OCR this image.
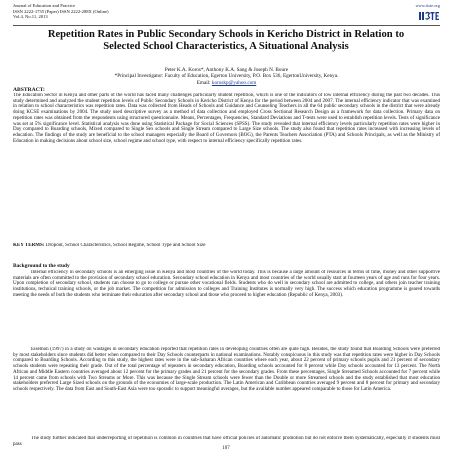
Journal of Education and Practice
ISSN 2222-1735 (Paper) ISSN 2222-288X (Online)
Vol.4, No.11, 2013
www.iiste.org
Repetition Rates in Public Secondary Schools in Kericho District in Relation to Selected School Characteristics, A Situational Analysis
Peter K.A. Koros*, Anthony K.A. Sang & Joseph N. Boure
*Principal Investigator: Faculty of Education, Egerton University, P.O. Box 536, EgertonUniversity, Kenya.
Email: koroskp@yahoo.com
ABSTRACT:
The Education Sector in Kenya and other parts of the world has faced many challenges particularly student repetition, which is one of the indicators of low internal efficiency during the past two decades. This study determined and analyzed the student repetition levels of Public Secondary Schools in Kericho District of Kenya for the period between 2004 and 2007. The internal efficiency indicator that was examined in relation to school characteristics was repetition rates. Data was collected from Heads of Schools and Guidance and Counseling Teachers in all the 64 public secondary schools in the district that were already doing KCSE examinations by 2004. The study used descriptive survey as a method of data collection and employed Cross Sectional Research Design as a framework for data collection. Primary data on repetition rates was obtained from the respondents using structured questionnaire. Means, Percentages, Frequencies, Standard Deviations and T-tests were used to establish repetition levels. Tests of significance was set at 5% significance level. Statistical analysis was done using Statistical Package for Social Sciences (SPSS). The study revealed that internal efficiency levels particularly repetition rates were higher in Day compared to Boarding schools, Mixed compared to Single Sex schools and Single Stream compared to Large Size schools. The study also found that repetition rates increased with increasing levels of education. The findings of the study are beneficial to the school managers especially the Board of Governors (BOG), the Parents Teachers Association (PTA) and Schools Principals, as well as the Ministry of Education in making decisions about school size, school regime and school type, with respect to internal efficiency specifically repetition rates.
KEY TERMS: Dropout, School Characteristics, School Regime, School Type and School Size
Background to the study
Internal efficiency in secondary schools is an emerging issue in Kenya and most countries of the world today. This is because a large amount of resources in terms of time, money and other supportive materials are often committed to the provision of secondary school education. Secondary school education in Kenya and most countries of the world usually start at fourteen years of age and runs for four years. Upon completion of secondary school, students can choose to go to college or pursue other vocational fields. Students who do well in secondary school are admitted to college, and others join teacher training institutions, technical training schools, or the job market. The competition for admission to colleges and Training Institutes is normally very high. The success which education programme is geared towards meeting the needs of both the students who terminate their education after secondary school and those who proceed to higher education (Republic of Kenya, 2003).
Eisemon (1997) in a study on wastages in secondary education reported that repetition rates in developing countries often are quite high. Besides, the study found that Boarding Schools were preferred by most stakeholders since students did better when compared to their Day Schools counterparts in national examinations. Notably conspicuous in this study was that repetition rates were higher in Day Schools compared to Boarding Schools. According to this study, the highest rates were in the sub-Saharan African countries where each year, about 22 percent of primary schools pupils and 21 percent of secondary schools students were repeating their grade. Out of the total percentage of repeaters in secondary education, Boarding schools accounted for 8 percent while Day schools accounted for 13 percent. The North African and Middle Eastern countries averaged about 12 percent for the primary grades and 21 percent for the secondary grades. From these percentages, Single Streamed Schools accounted for 7 percent while 14 percent came from schools with Two Streams or More. This was because the Single Stream schools were fewer than the Double or more Streamed schools and the study established that most education stakeholders preferred Large Sized schools on the grounds of the economies of large-scale production. The Latin American and Caribbean countries averaged 9 percent and 8 percent for primary and secondary schools respectively. The data from East and South-East Asia were too sporadic to support meaningful averages, but the available number appeared comparable to those for Latin America.
The study further indicated that underreporting of repetition is common in countries that have official policies of automatic promotion but do not enforce them systematically, especially if students must pass
107
